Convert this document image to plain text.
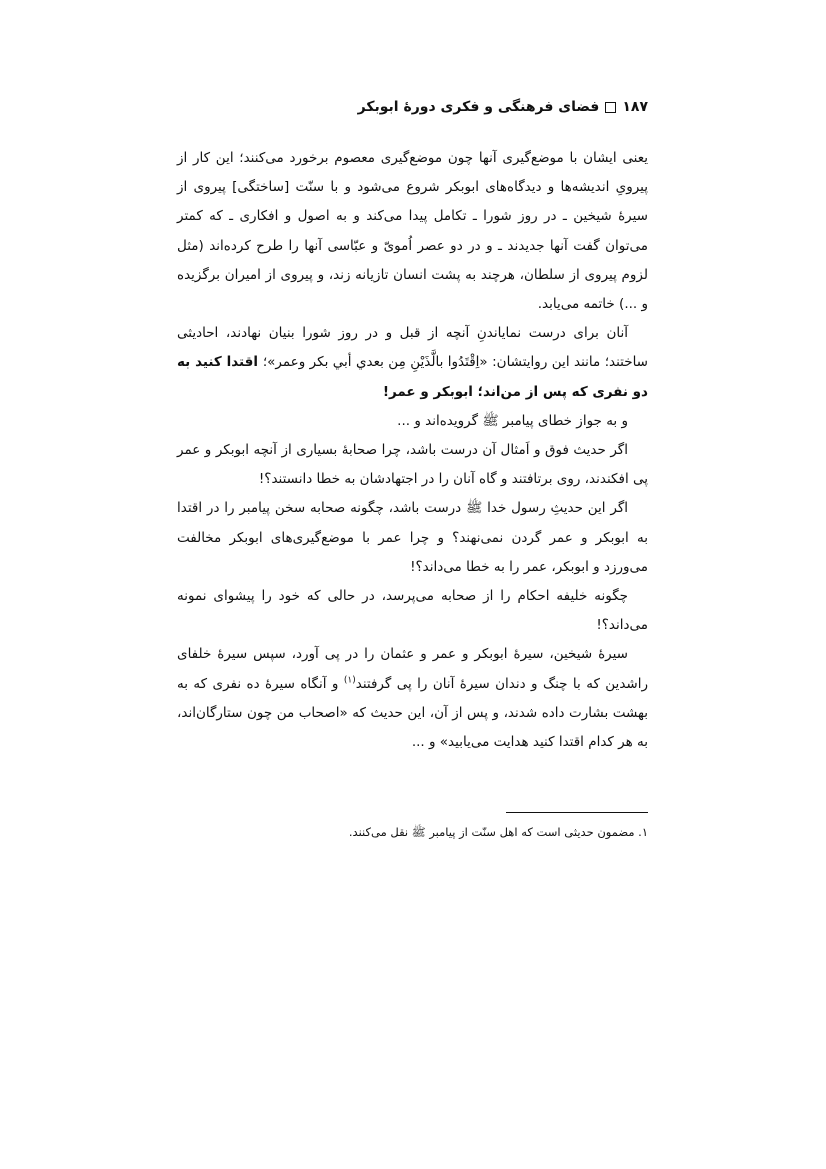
۱۸۷فضای فرهنگی و فکری دورهٔ ابوبکر

یعنی ایشان با موضع‌گیری آنها چون موضع‌گیری معصوم برخورد می‌کنند؛ این کار از پیرویِ اندیشه‌ها و دیدگاه‌های ابوبکر شروع می‌شود و با سنّت [ساختگی] پیروی از سیرهٔ شیخین ـ در روز شورا ـ تکامل پیدا می‌کند و به اصول و افکاری ـ که کمتر می‌توان گفت آنها جدیدند ـ و در دو عصر اُمویّ و عبّاسی آنها را طرح کرده‌اند (مثل لزوم پیروی از سلطان، هرچند به پشت انسان تازیانه زند، و پیروی از امیران برگزیده و ...) خاتمه می‌یابد.

آنان برای درست نمایاندنِ آنچه از قبل و در روز شورا بنیان نهادند، احادیثی ساختند؛ مانند این روایتشان: «اِقْتَدُوا بالَّذَيْنِ مِن بعدي أبي بكر وعمر»؛ اقتدا کنید به دو نفری که پس از من‌اند؛ ابوبکر و عمر!

و به جواز خطای پیامبر ﷺ گرویده‌اند و ...

اگر حدیث فوق و اَمثال آن درست باشد، چرا صحابهٔ بسیاری از آنچه ابوبکر و عمر پی افکندند، روی برتافتند و گاه آنان را در اجتهادشان به خطا دانستند؟!

اگر این حدیثِ رسول خدا ﷺ درست باشد، چگونه صحابه سخن پیامبر را در اقتدا به ابوبکر و عمر گردن نمی‌نهند؟ و چرا عمر با موضع‌گیری‌های ابوبکر مخالفت می‌ورزد و ابوبکر، عمر را به خطا می‌داند؟!

چگونه خلیفه احکام را از صحابه می‌پرسد، در حالی که خود را پیشوای نمونه می‌داند؟!

سیرهٔ شیخین، سیرهٔ ابوبکر و عمر و عثمان را در پی آورد، سپس سیرهٔ خلفای راشدین که با چنگ و دندان سیرهٔ آنان را پی گرفتند$^{(۱)}$ و آنگاه سیرهٔ ده نفری که به بهشت بشارت داده شدند، و پس از آن، این حدیث که «اصحاب من چون ستارگان‌اند، به هر کدام اقتدا کنید هدایت می‌یابید» و ...

۱. مضمون حدیثی است که اهل سنّت از پیامبر ﷺ نقل می‌کنند.
